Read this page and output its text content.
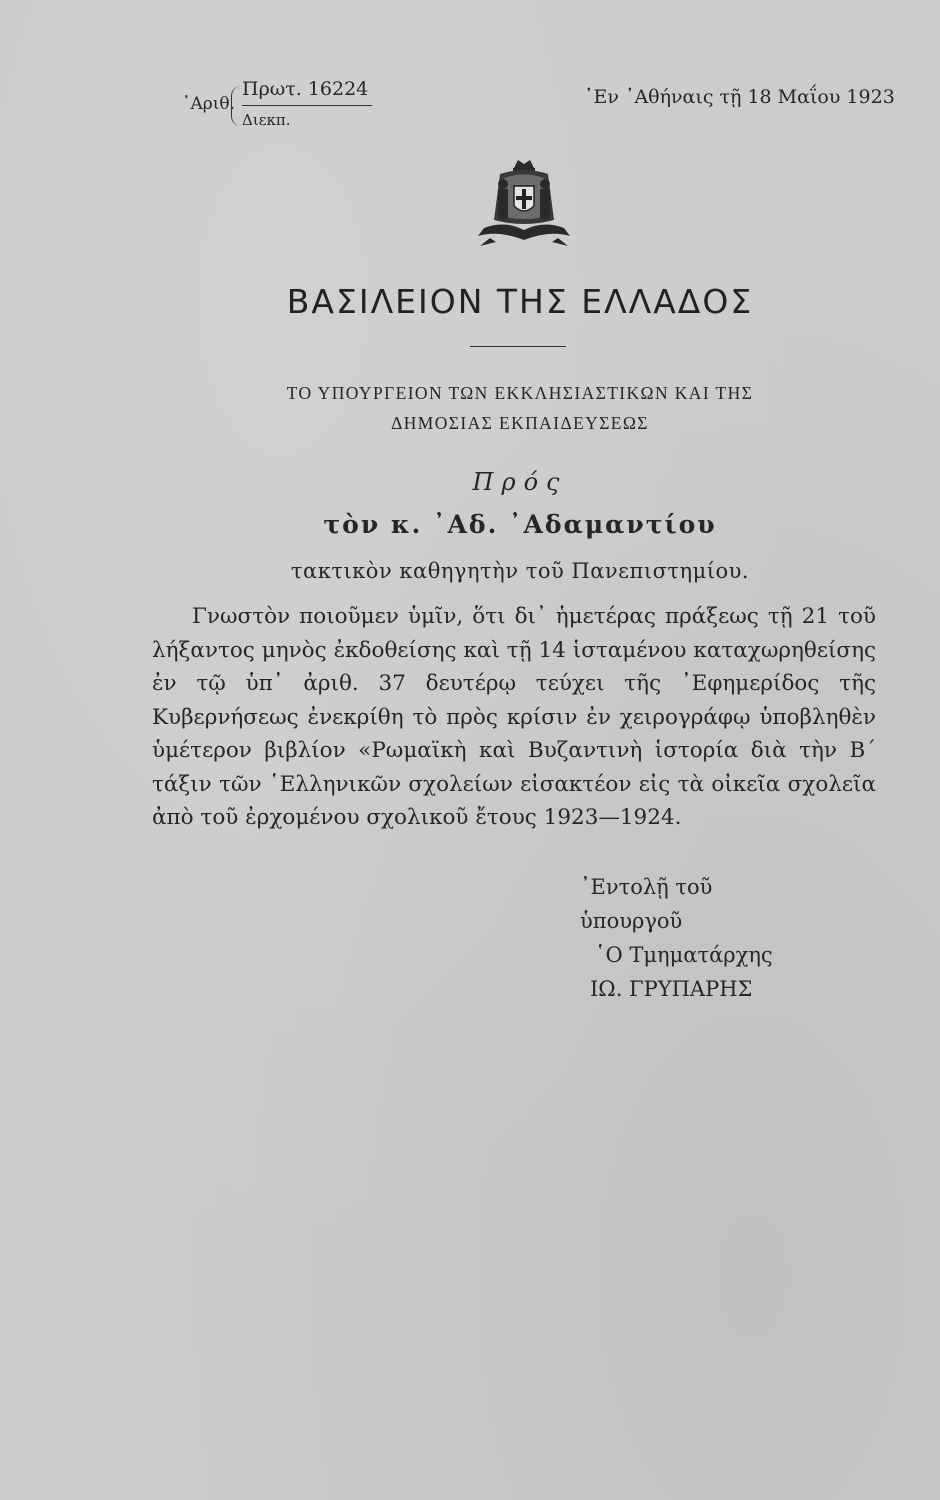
᾿Αριθ.
Πρωτ. 16224
Διεκπ.
᾿Εν ᾿Αθήναις τῇ 18 Μαΐου 1923
ΒΑΣΙΛΕΙΟΝ ΤΗΣ ΕΛΛΑΔΟΣ
ΤΟ ΥΠΟΥΡΓΕΙΟΝ ΤΩΝ ΕΚΚΛΗΣΙΑΣΤΙΚΩΝ ΚΑΙ ΤΗΣ
ΔΗΜΟΣΙΑΣ ΕΚΠΑΙΔΕΥΣΕΩΣ
Πρός
τὸν κ. ᾿Αδ. ᾿Αδαμαντίου
τακτικὸν καθηγητὴν τοῦ Πανεπιστημίου.
Γνωστὸν ποιοῦμεν ὑμῖν, ὅτι δι᾿ ἡμετέρας πράξεως τῇ 21 τοῦ λήξαντος μηνὸς ἐκδοθείσης καὶ τῇ 14 ἱσταμένου καταχωρηθείσης ἐν τῷ ὑπ᾿ ἀριθ. 37 δευτέρῳ τεύχει τῆς ᾿Εφημερίδος τῆς Κυβερνήσεως ἐνεκρίθη τὸ πρὸς κρίσιν ἐν χειρογράφῳ ὑποβληθὲν ὑμέτερον βιβλίον «Ρωμαϊκὴ καὶ Βυζαντινὴ ἱστορία διὰ τὴν Β΄ τάξιν τῶν ῾Ελληνικῶν σχολείων εἰσακτέον εἰς τὰ οἰκεῖα σχολεῖα ἀπὸ τοῦ ἐρχομένου σχολικοῦ ἔτους 1923—1924.
᾿Εντολῇ τοῦ ὑπουργοῦ
῾Ο Τμηματάρχης
ΙΩ. ΓΡΥΠΑΡΗΣ
